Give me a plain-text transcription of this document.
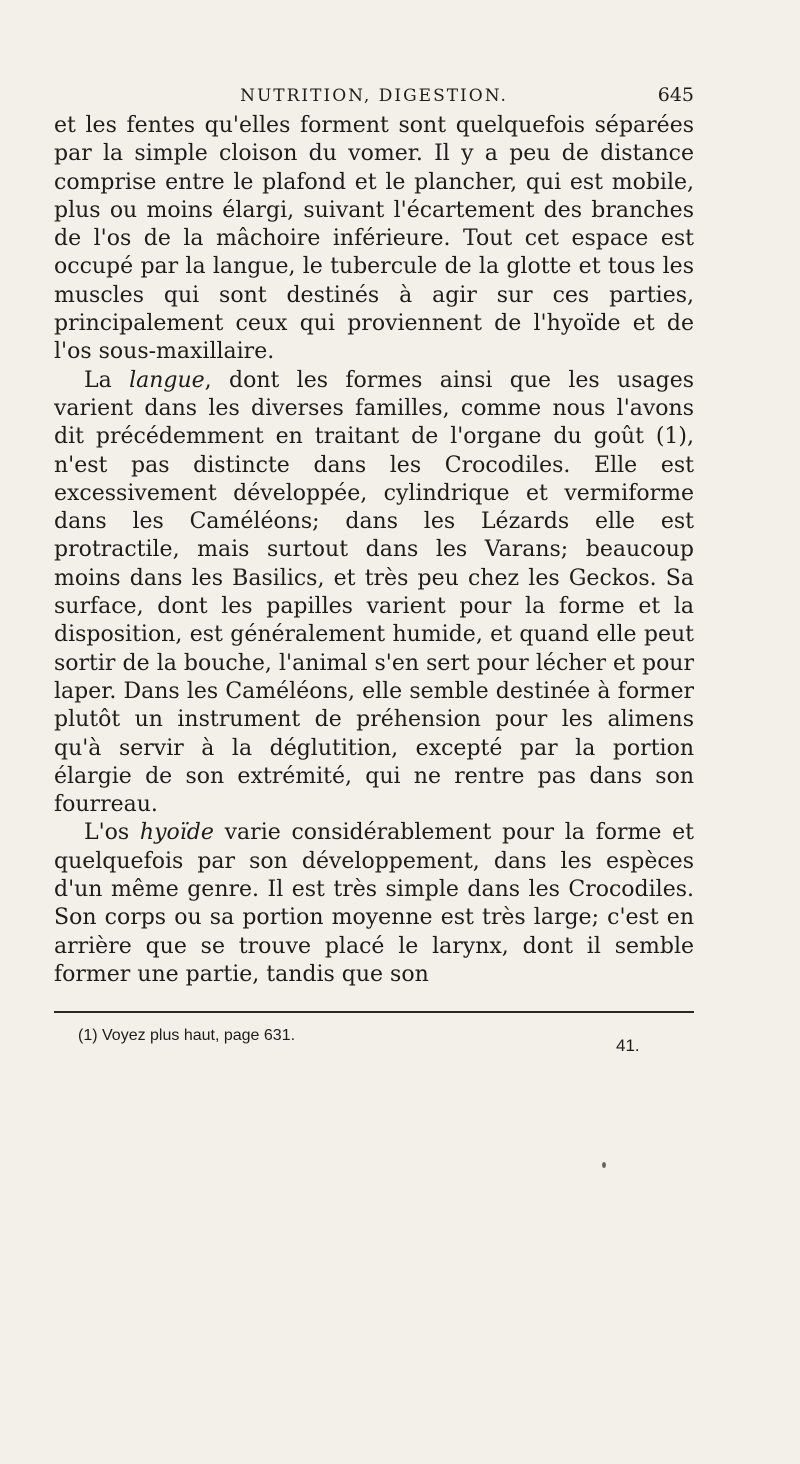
NUTRITION, DIGESTION.	645

et les fentes qu'elles forment sont quelquefois séparées par la simple cloison du vomer. Il y a peu de distance comprise entre le plafond et le plancher, qui est mobile, plus ou moins élargi, suivant l'écartement des branches de l'os de la mâchoire inférieure. Tout cet espace est occupé par la langue, le tubercule de la glotte et tous les muscles qui sont destinés à agir sur ces parties, principalement ceux qui proviennent de l'hyoïde et de l'os sous-maxillaire.

La langue, dont les formes ainsi que les usages varient dans les diverses familles, comme nous l'avons dit précédemment en traitant de l'organe du goût (1), n'est pas distincte dans les Crocodiles. Elle est excessivement développée, cylindrique et vermiforme dans les Caméléons; dans les Lézards elle est protractile, mais surtout dans les Varans; beaucoup moins dans les Basilics, et très peu chez les Geckos. Sa surface, dont les papilles varient pour la forme et la disposition, est généralement humide, et quand elle peut sortir de la bouche, l'animal s'en sert pour lécher et pour laper. Dans les Caméléons, elle semble destinée à former plutôt un instrument de préhension pour les alimens qu'à servir à la déglutition, excepté par la portion élargie de son extrémité, qui ne rentre pas dans son fourreau.

L'os hyoïde varie considérablement pour la forme et quelquefois par son développement, dans les espèces d'un même genre. Il est très simple dans les Crocodiles. Son corps ou sa portion moyenne est très large; c'est en arrière que se trouve placé le larynx, dont il semble former une partie, tandis que son

(1) Voyez plus haut, page 631.
41.
